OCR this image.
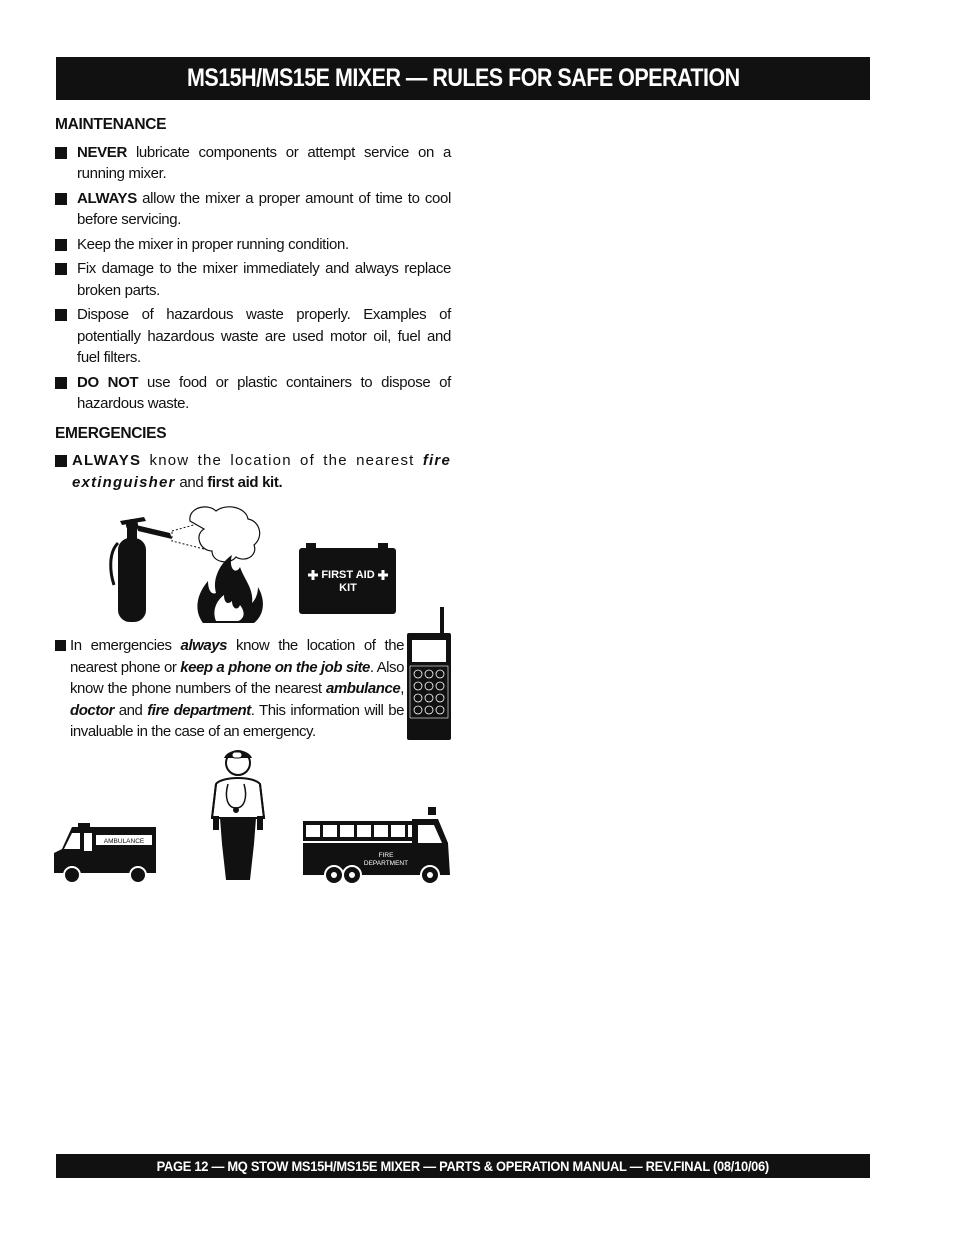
MS15H/MS15E MIXER — RULES FOR SAFE OPERATION
MAINTENANCE
NEVER lubricate components or attempt service on a running mixer.
ALWAYS allow the mixer a proper amount of time to cool before servicing.
Keep the mixer in proper running condition.
Fix damage to the mixer immediately and always replace broken parts.
Dispose of hazardous waste properly. Examples of potentially hazardous waste are used motor oil, fuel and fuel filters.
DO NOT use food or plastic containers to dispose of hazardous waste.
EMERGENCIES
ALWAYS know the location of the nearest fire extinguisher and first aid kit.
FIRST AID
KIT
In emergencies always know the location of the nearest phone or keep a phone on the job site. Also know the phone numbers of the nearest ambulance, doctor and fire department. This information will be invaluable in the case of an emergency.
AMBULANCE
FIRE
DEPARTMENT
PAGE 12 — MQ STOW MS15H/MS15E MIXER — PARTS & OPERATION MANUAL — REV.FINAL (08/10/06)
